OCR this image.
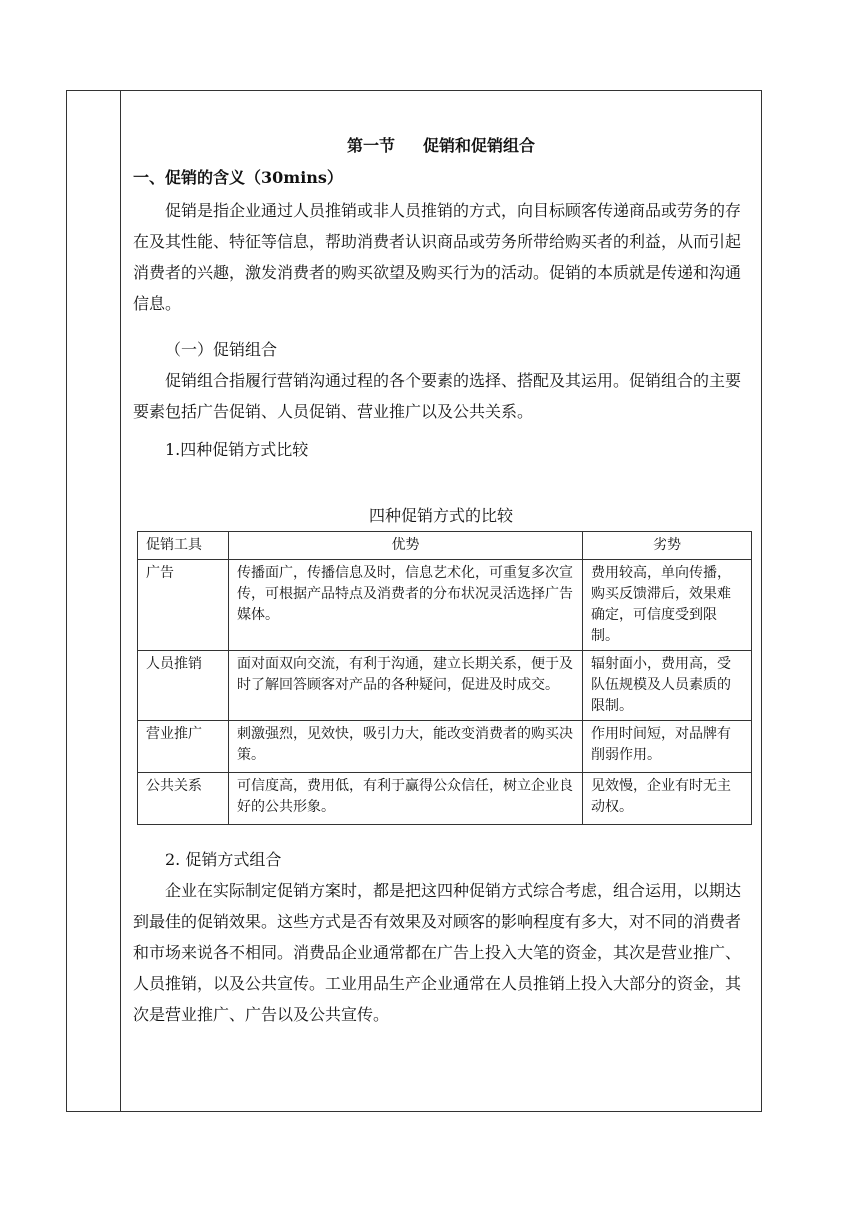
第一节 促销和促销组合
一、促销的含义（30mins）

促销是指企业通过人员推销或非人员推销的方式，向目标顾客传递商品或劳务的存在及其性能、特征等信息，帮助消费者认识商品或劳务所带给购买者的利益，从而引起消费者的兴趣，激发消费者的购买欲望及购买行为的活动。促销的本质就是传递和沟通信息。

（一）促销组合

促销组合指履行营销沟通过程的各个要素的选择、搭配及其运用。促销组合的主要要素包括广告促销、人员促销、营业推广以及公共关系。

1.四种促销方式比较
四种促销方式的比较
促销工具	优势	劣势
广告	传播面广，传播信息及时，信息艺术化，可重复多次宣传，可根据产品特点及消费者的分布状况灵活选择广告媒体。	费用较高，单向传播，购买反馈滞后，效果难确定，可信度受到限制。
人员推销	面对面双向交流，有利于沟通，建立长期关系，便于及时了解回答顾客对产品的各种疑问，促进及时成交。	辐射面小，费用高，受队伍规模及人员素质的限制。
营业推广	刺激强烈，见效快，吸引力大，能改变消费者的购买决策。	作用时间短，对品牌有削弱作用。
公共关系	可信度高，费用低，有利于赢得公众信任，树立企业良好的公共形象。	见效慢，企业有时无主动权。
2. 促销方式组合

企业在实际制定促销方案时，都是把这四种促销方式综合考虑，组合运用，以期达到最佳的促销效果。这些方式是否有效果及对顾客的影响程度有多大，对不同的消费者和市场来说各不相同。消费品企业通常都在广告上投入大笔的资金，其次是营业推广、人员推销，以及公共宣传。工业用品生产企业通常在人员推销上投入大部分的资金，其次是营业推广、广告以及公共宣传。
